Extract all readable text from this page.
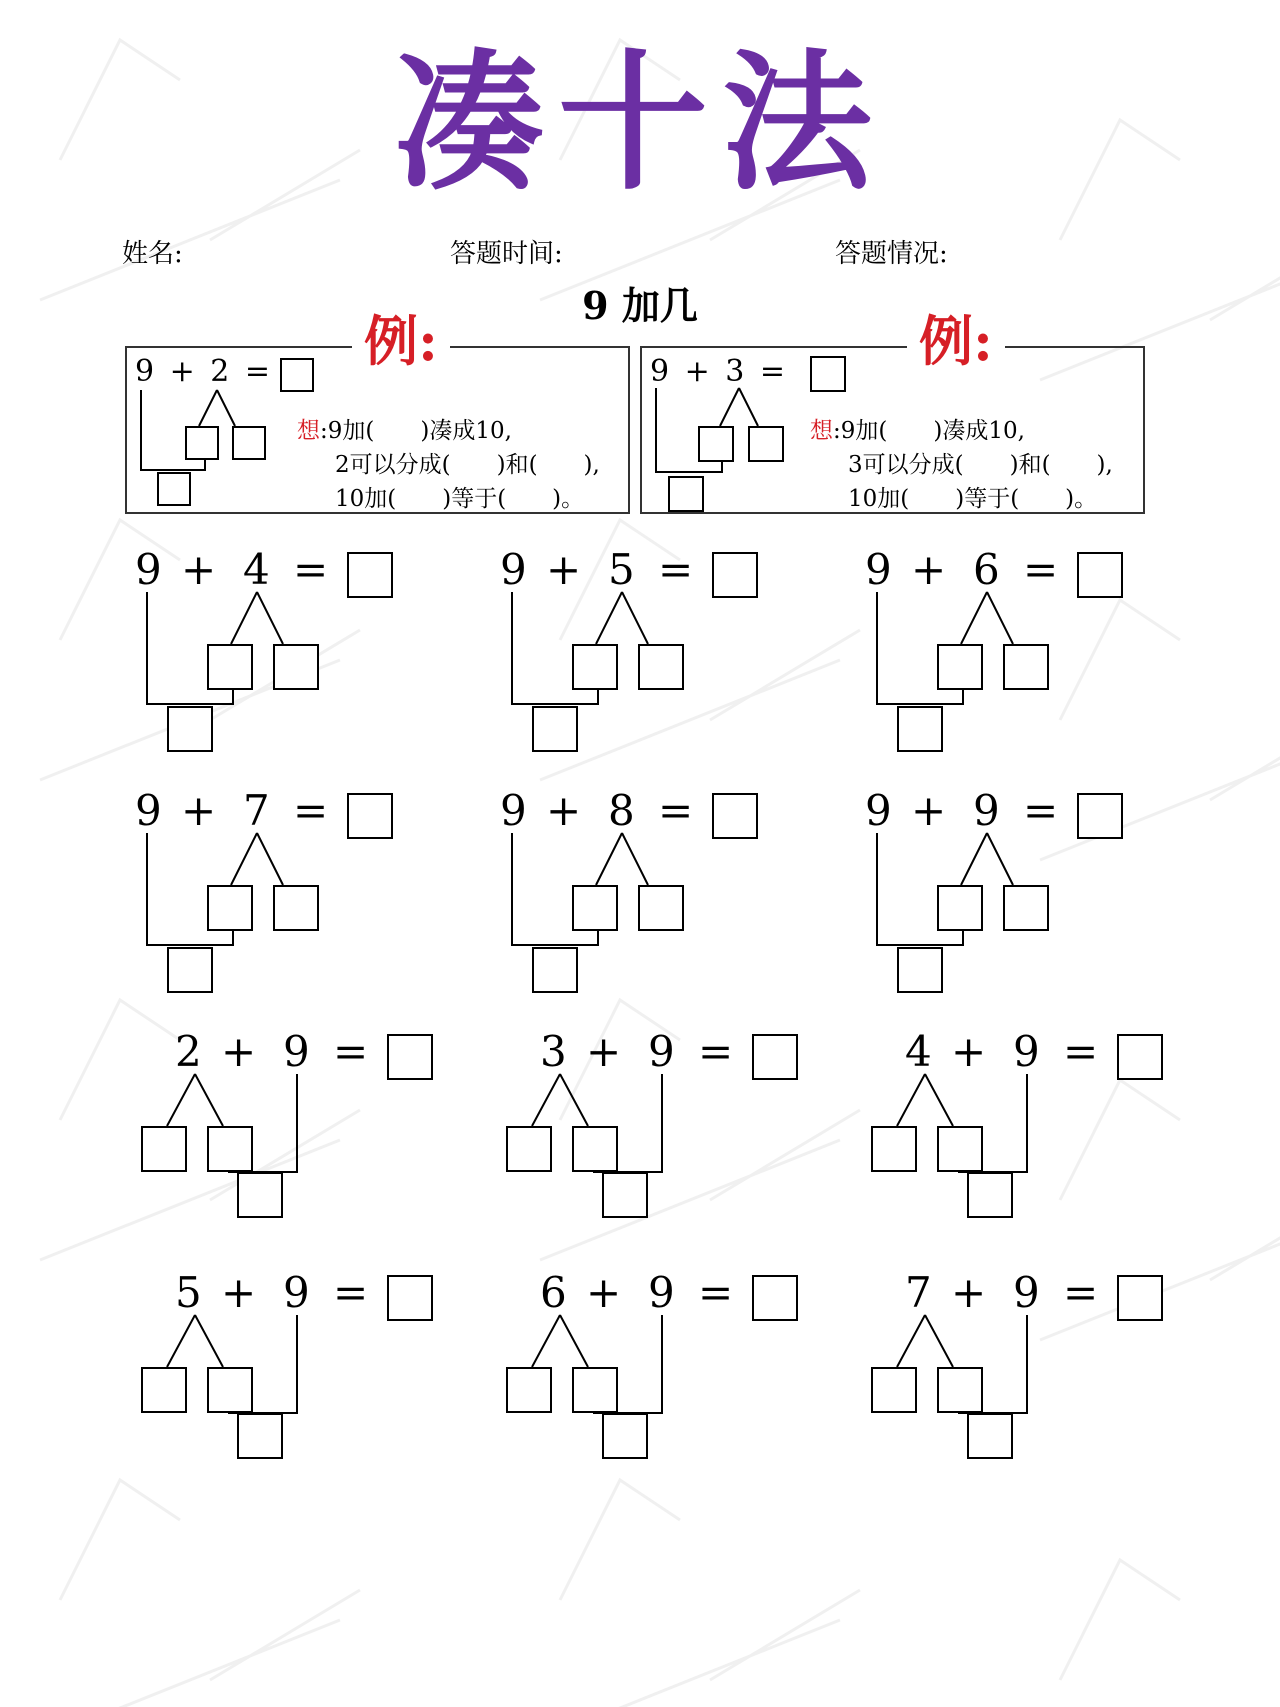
凑十法
姓名:	答题时间:	答题情况:
9 加几
例:
9 + 2 =
想:9加(　　)凑成10,
2可以分成(　　)和(　　),
10加(　　)等于(　　)。
例:
9 + 3 =
想:9加(　　)凑成10,
3可以分成(　　)和(　　),
10加(　　)等于(　　)。
9 + 4 =	9 + 5 =	9 + 6 =
9 + 7 =	9 + 8 =	9 + 9 =
2 + 9 =	3 + 9 =	4 + 9 =
5 + 9 =	6 + 9 =	7 + 9 =
